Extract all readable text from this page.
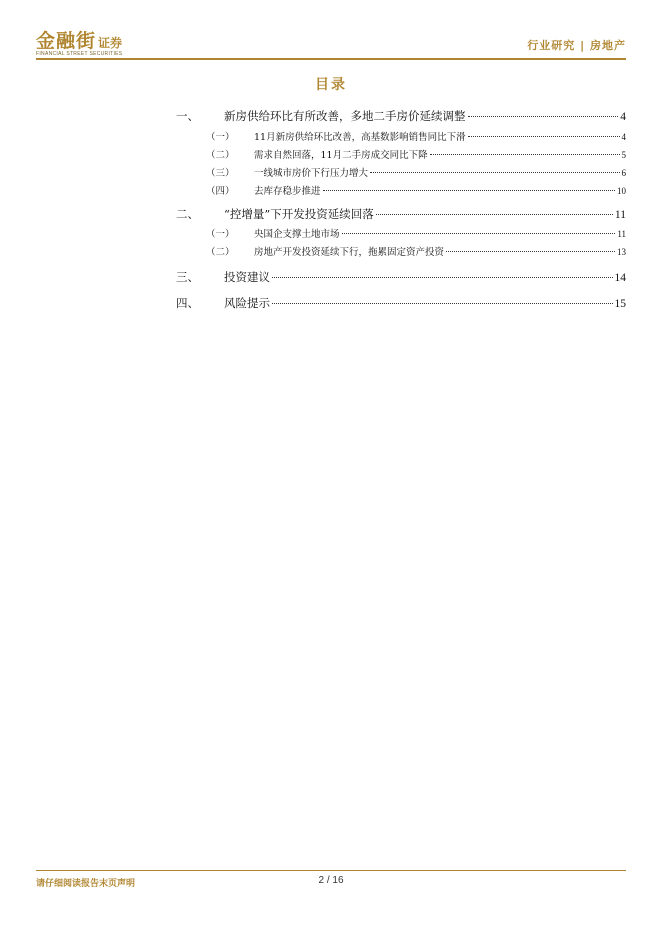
金融街 证券
FINANCIAL STREET SECURITIES
行业研究 | 房地产
目录
一、	新房供给环比有所改善，多地二手房价延续调整	4
（一）	11月新房供给环比改善，高基数影响销售同比下滑	4
（二）	需求自然回落，11月二手房成交同比下降	5
（三）	一线城市房价下行压力增大	6
（四）	去库存稳步推进	10
二、	“控增量”下开发投资延续回落	11
（一）	央国企支撑土地市场	11
（二）	房地产开发投资延续下行，拖累固定资产投资	13
三、	投资建议	14
四、	风险提示	15
请仔细阅读报告末页声明	2 / 16
